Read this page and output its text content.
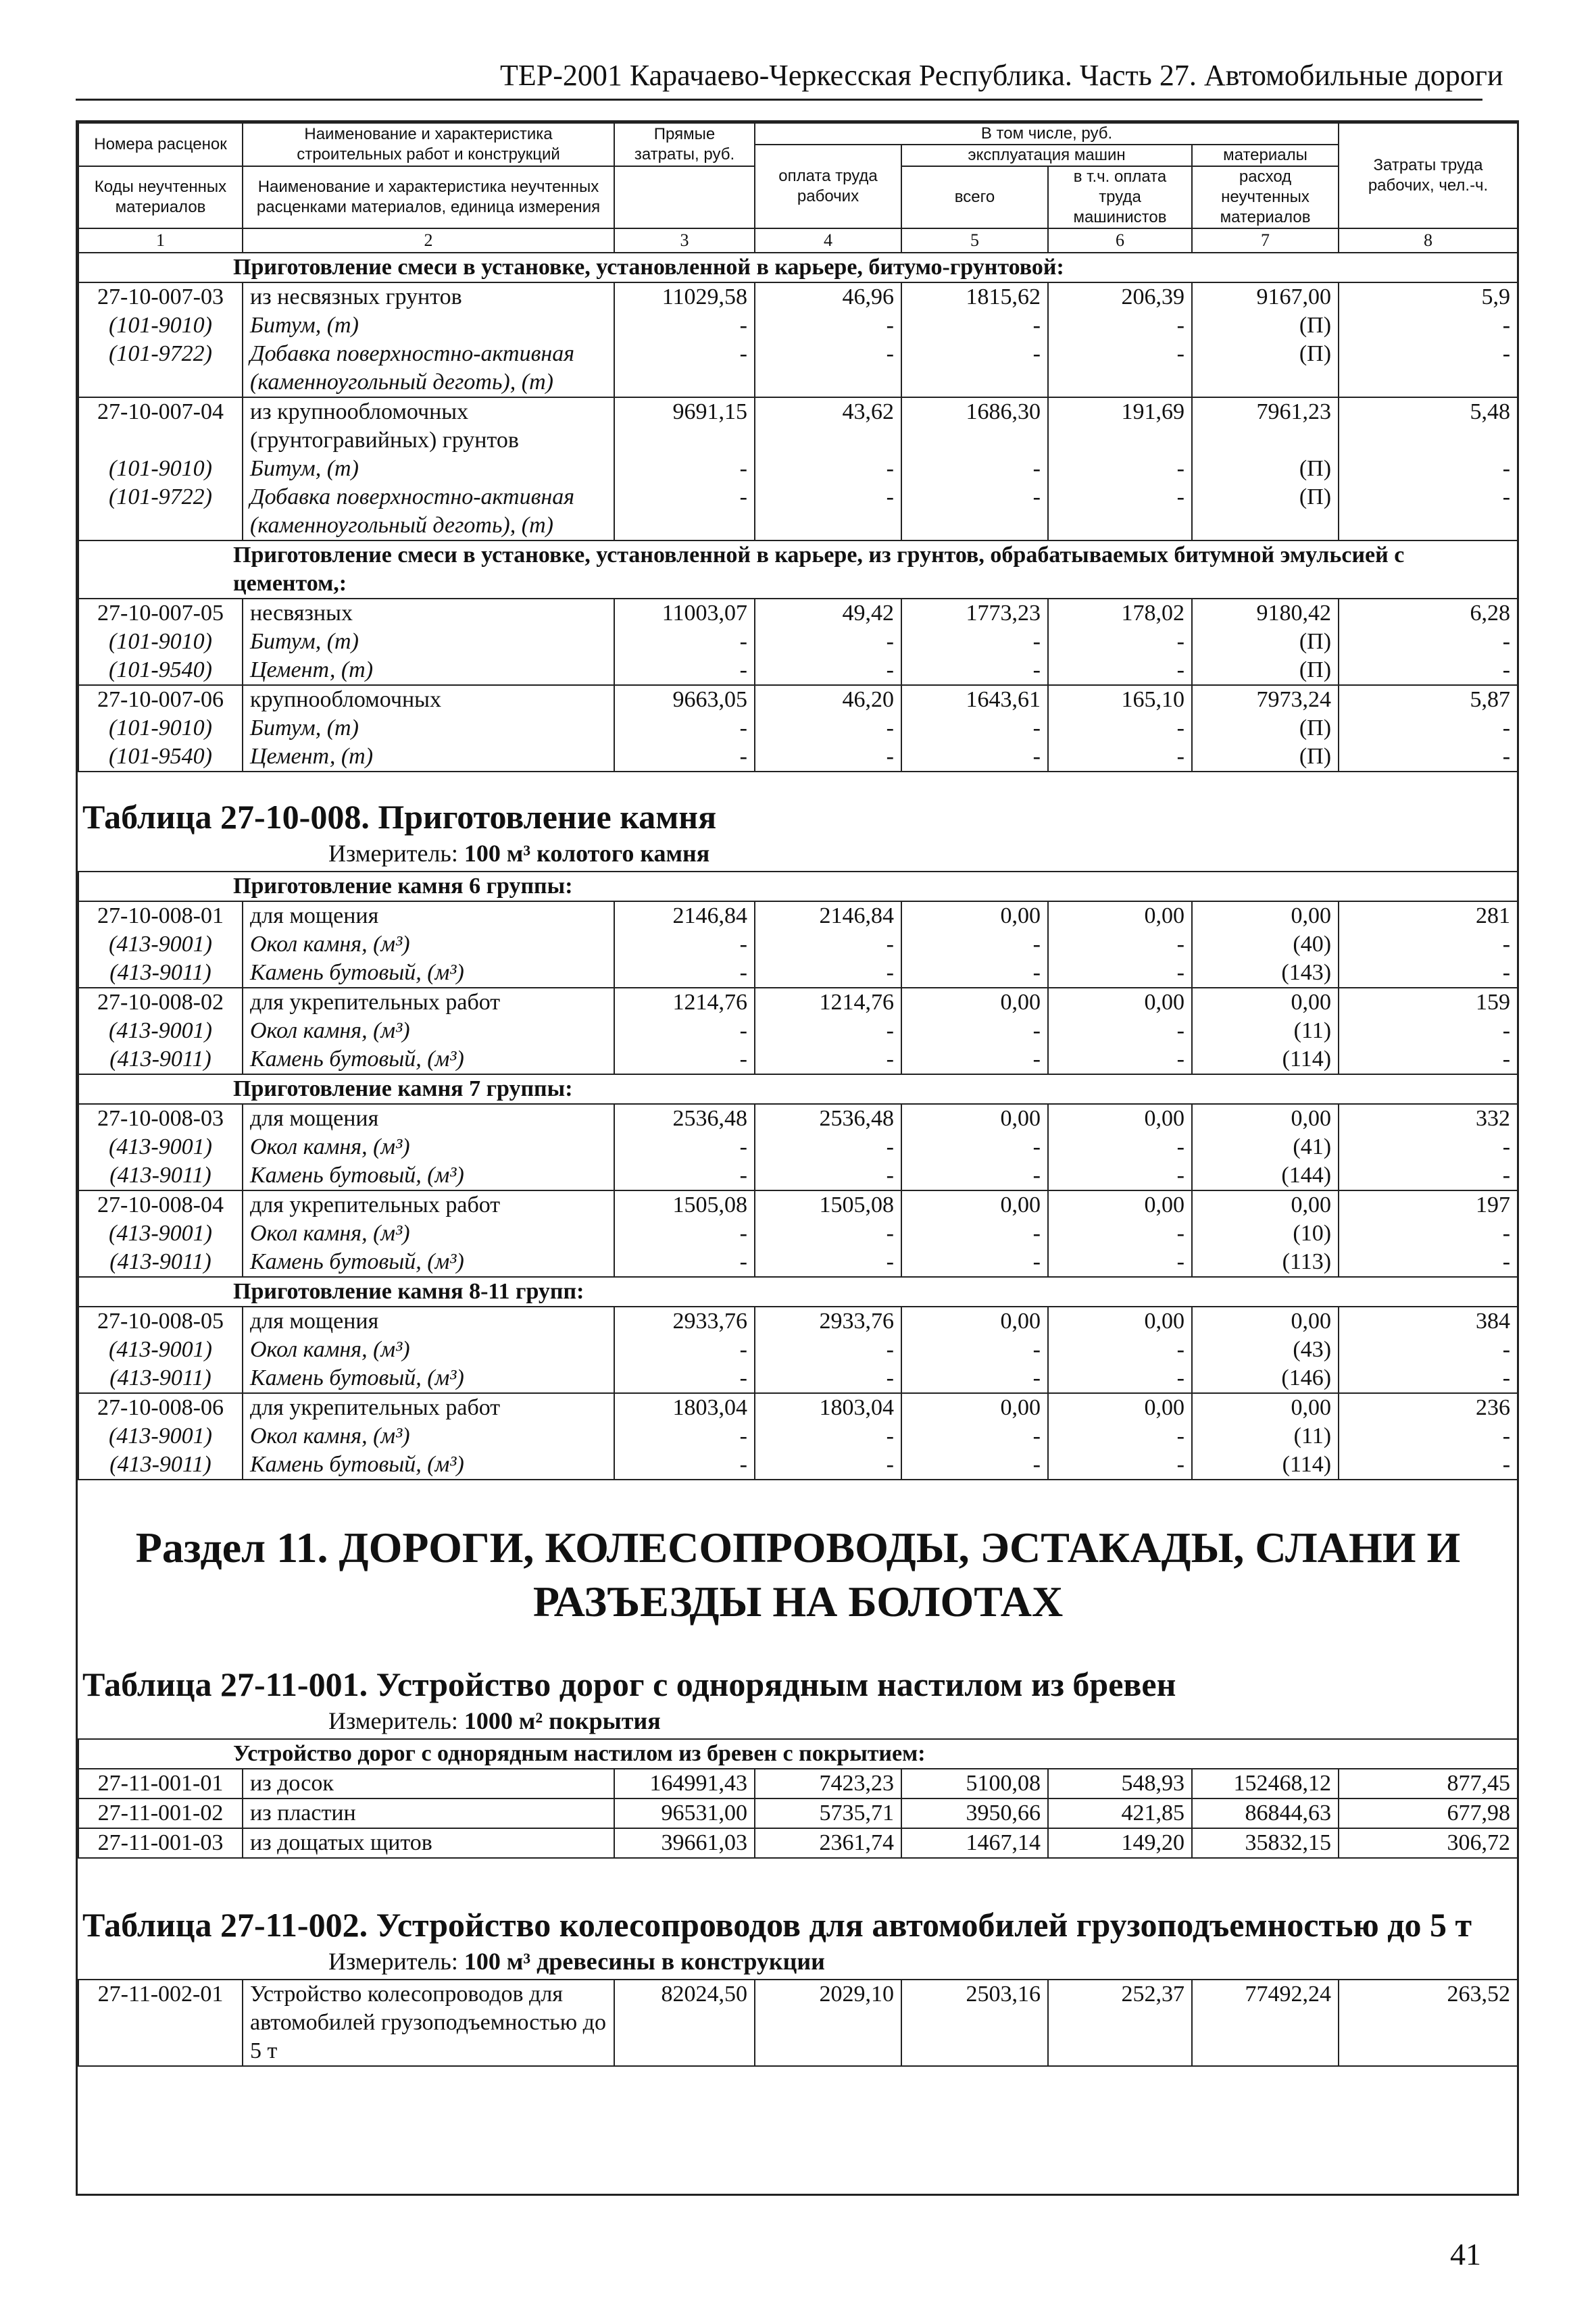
ТЕР-2001 Карачаево-Черкесская Республика. Часть 27. Автомобильные дороги
Номера расценок	Наименование и характеристика строительных работ и конструкций	Прямые затраты, руб.	В том числе, руб.				Затраты труда рабочих, чел.-ч.
			оплата труда рабочих	эксплуатация машин		материалы	
Коды неучтенных материалов	Наименование и характеристика неучтенных расценками материалов, единица измерения			всего	в т.ч. оплата труда машинистов	расход неучтенных материалов	

1	2	3	4	5	6	7	8
Приготовление смеси в установке, установленной в карьере, битумо-грунтовой:							
27-10-007-03	из несвязных грунтов	11029,58	46,96	1815,62	206,39	9167,00	5,9
(101-9010)	Битум, (т)	-	-	-	-	(П)	-
(101-9722)	Добавка поверхностно-активная (каменноугольный деготь), (т)	-	-	-	-	(П)	-
27-10-007-04	из крупнообломочных (грунтогравийных) грунтов	9691,15	43,62	1686,30	191,69	7961,23	5,48
(101-9010)	Битум, (т)	-	-	-	-	(П)	-
(101-9722)	Добавка поверхностно-активная (каменноугольный деготь), (т)	-	-	-	-	(П)	-
Приготовление смеси в установке, установленной в карьере, из грунтов, обрабатываемых битумной эмульсией с цементом,:							
27-10-007-05	несвязных	11003,07	49,42	1773,23	178,02	9180,42	6,28
(101-9010)	Битум, (т)	-	-	-	-	(П)	-
(101-9540)	Цемент, (т)	-	-	-	-	(П)	-
27-10-007-06	крупнообломочных	9663,05	46,20	1643,61	165,10	7973,24	5,87
(101-9010)	Битум, (т)	-	-	-	-	(П)	-
(101-9540)	Цемент, (т)	-	-	-	-	(П)	-

Таблица 27-10-008. Приготовление камня
Измеритель: 100 м³ колотого камня							

Приготовление камня 6 группы:							
27-10-008-01	для мощения	2146,84	2146,84	0,00	0,00	0,00	281
(413-9001)	Окол камня, (м³)	-	-	-	-	(40)	-
(413-9011)	Камень бутовый, (м³)	-	-	-	-	(143)	-
27-10-008-02	для укрепительных работ	1214,76	1214,76	0,00	0,00	0,00	159
(413-9001)	Окол камня, (м³)	-	-	-	-	(11)	-
(413-9011)	Камень бутовый, (м³)	-	-	-	-	(114)	-
Приготовление камня 7 группы:							
27-10-008-03	для мощения	2536,48	2536,48	0,00	0,00	0,00	332
(413-9001)	Окол камня, (м³)	-	-	-	-	(41)	-
(413-9011)	Камень бутовый, (м³)	-	-	-	-	(144)	-
27-10-008-04	для укрепительных работ	1505,08	1505,08	0,00	0,00	0,00	197
(413-9001)	Окол камня, (м³)	-	-	-	-	(10)	-
(413-9011)	Камень бутовый, (м³)	-	-	-	-	(113)	-
Приготовление камня 8-11 групп:							
27-10-008-05	для мощения	2933,76	2933,76	0,00	0,00	0,00	384
(413-9001)	Окол камня, (м³)	-	-	-	-	(43)	-
(413-9011)	Камень бутовый, (м³)	-	-	-	-	(146)	-
27-10-008-06	для укрепительных работ	1803,04	1803,04	0,00	0,00	0,00	236
(413-9001)	Окол камня, (м³)	-	-	-	-	(11)	-
(413-9011)	Камень бутовый, (м³)	-	-	-	-	(114)	-

Раздел 11. ДОРОГИ, КОЛЕСОПРОВОДЫ, ЭСТАКАДЫ, СЛАНИ И РАЗЪЕЗДЫ НА БОЛОТАХ							

Таблица 27-11-001. Устройство дорог с однорядным настилом из бревен
Измеритель: 1000 м² покрытия							

Устройство дорог с однорядным настилом из бревен с покрытием:							
27-11-001-01	из досок	164991,43	7423,23	5100,08	548,93	152468,12	877,45
27-11-001-02	из пластин	96531,00	5735,71	3950,66	421,85	86844,63	677,98
27-11-001-03	из дощатых щитов	39661,03	2361,74	1467,14	149,20	35832,15	306,72

Таблица 27-11-002. Устройство колесопроводов для автомобилей грузоподъемностью до 5 т
Измеритель: 100 м³ древесины в конструкции							

27-11-002-01	Устройство колесопроводов для автомобилей грузоподъемностью до 5 т	82024,50	2029,10	2503,16	252,37	77492,24	263,52
41
